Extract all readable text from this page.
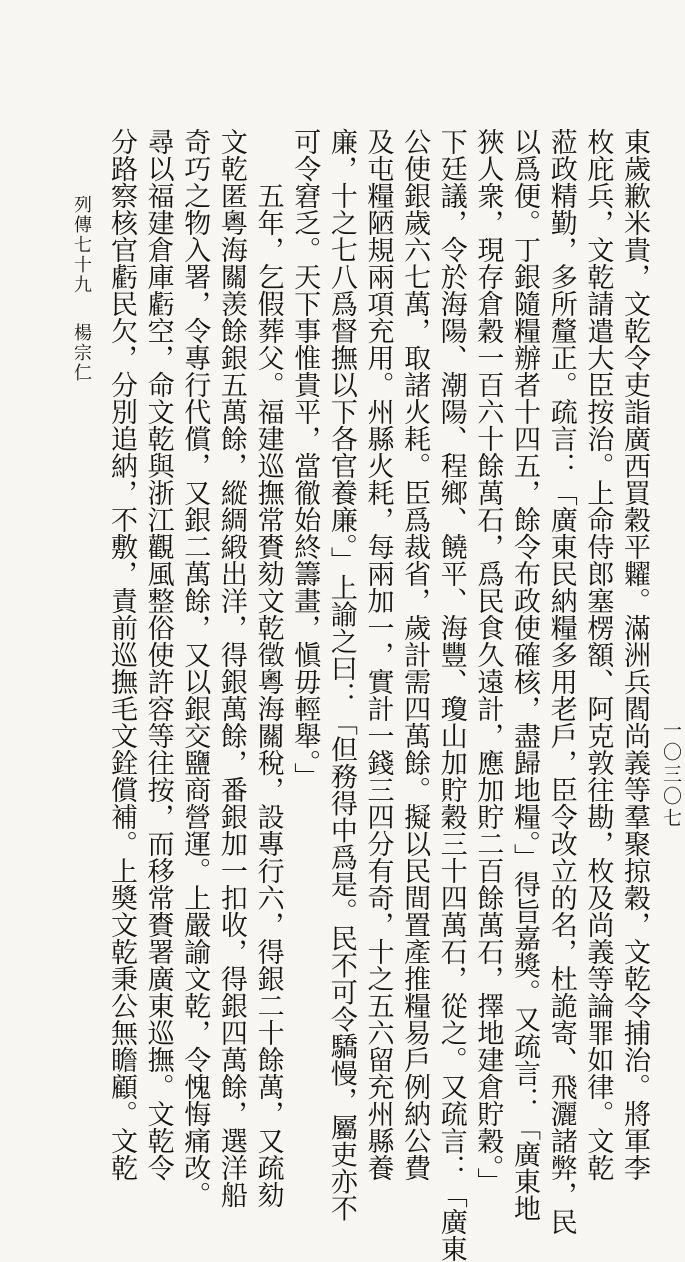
東歲歉米貴，文乾令吏詣廣西買穀平糶。滿洲兵閻尚義等羣聚掠穀，文乾令捕治。將軍李
枚庇兵，文乾請遣大臣按治。上命侍郎塞楞額、阿克敦往勘，枚及尚義等論罪如律。文乾
蒞政精勤，多所釐正。疏言：「廣東民納糧多用老戶，臣令改立的名，杜詭寄、飛灑諸弊，民
以爲便。丁銀隨糧辦者十四五，餘令布政使確核，盡歸地糧。」得旨嘉獎。又疏言：「廣東地
狹人衆，現存倉穀一百六十餘萬石，爲民食久遠計，應加貯二百餘萬石，擇地建倉貯穀。」
下廷議，令於海陽、潮陽、程鄉、饒平、海豐、瓊山加貯穀三十四萬石，從之。又疏言：「廣東
公使銀歲六七萬，取諸火耗。臣爲裁省，歲計需四萬餘。擬以民間置產推糧易戶例納公費
及屯糧陋規兩項充用。州縣火耗，每兩加一，實計一錢三四分有奇，十之五六留充州縣養
廉，十之七八爲督撫以下各官養廉。」上諭之曰：「但務得中爲是。民不可令驕慢，屬吏亦不
可令窘乏。天下事惟貴平，當徹始終籌畫，愼毋輕舉。」
　　五年，乞假葬父。福建巡撫常賚劾文乾徵粵海關稅，設專行六，得銀二十餘萬，又疏劾
文乾匿粵海關羡餘銀五萬餘，縱綢緞出洋，得銀萬餘，番銀加一扣收，得銀四萬餘，選洋船
奇巧之物入署，令專行代償，又銀二萬餘，又以銀交鹽商營運。上嚴諭文乾，令愧悔痛改。
尋以福建倉庫虧空，命文乾與浙江觀風整俗使許容等往按，而移常賚署廣東巡撫。文乾令
分路察核官虧民欠，分別追納，不敷，責前巡撫毛文銓償補。上奬文乾秉公無瞻顧。文乾
列傳七十九楊宗仁
一〇三〇七
